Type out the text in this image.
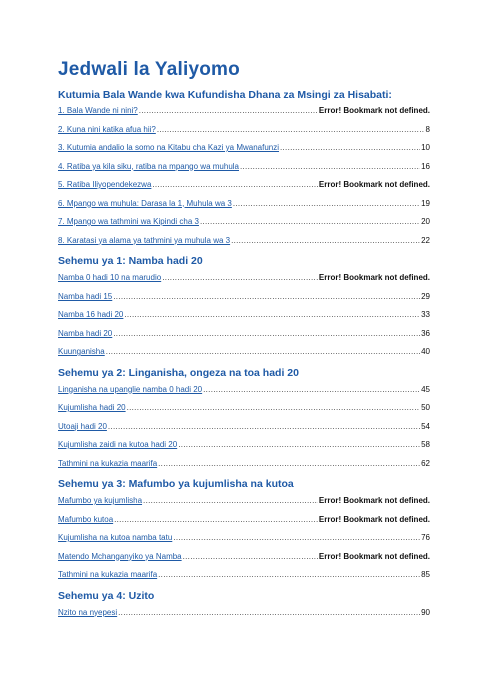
Jedwali la Yaliyomo
Kutumia Bala Wande kwa Kufundisha Dhana za Msingi za Hisabati:
1. Bala Wande ni nini? .....	Error! Bookmark not defined.
2. Kuna nini katika afua hii? .....	8
3. Kutumia andalio la somo na Kitabu cha Kazi ya Mwanafunzi .....	10
4. Ratiba ya kila siku, ratiba na mpango wa muhula .....	16
5. Ratiba Iliyopendekezwa .....	Error! Bookmark not defined.
6. Mpango wa muhula: Darasa la 1, Muhula wa 3 .....	19
7. Mpango wa tathmini wa Kipindi cha 3 .....	20
8. Karatasi ya alama ya tathmini ya muhula wa 3 .....	22
Sehemu ya 1: Namba hadi 20
Namba 0 hadi 10 na marudio .....	Error! Bookmark not defined.
Namba hadi 15 .....	29
Namba 16 hadi 20 .....	33
Namba hadi 20 .....	36
Kuunganisha .....	40
Sehemu ya 2: Linganisha, ongeza na toa hadi 20
Linganisha na upanglie namba 0 hadi 20 .....	45
Kujumlisha hadi 20 .....	50
Utoaji hadi 20 .....	54
Kujumlisha zaidi na kutoa hadi 20 .....	58
Tathmini na kukazia maarifa .....	62
Sehemu ya 3: Mafumbo ya kujumlisha na kutoa
Mafumbo ya kujumlisha .....	Error! Bookmark not defined.
Mafumbo kutoa .....	Error! Bookmark not defined.
Kujumlisha na kutoa namba tatu .....	76
Matendo Mchanganyiko ya Namba .....	Error! Bookmark not defined.
Tathmini na kukazia maarifa .....	85
Sehemu ya 4: Uzito
Nzito na nyepesi .....	90
